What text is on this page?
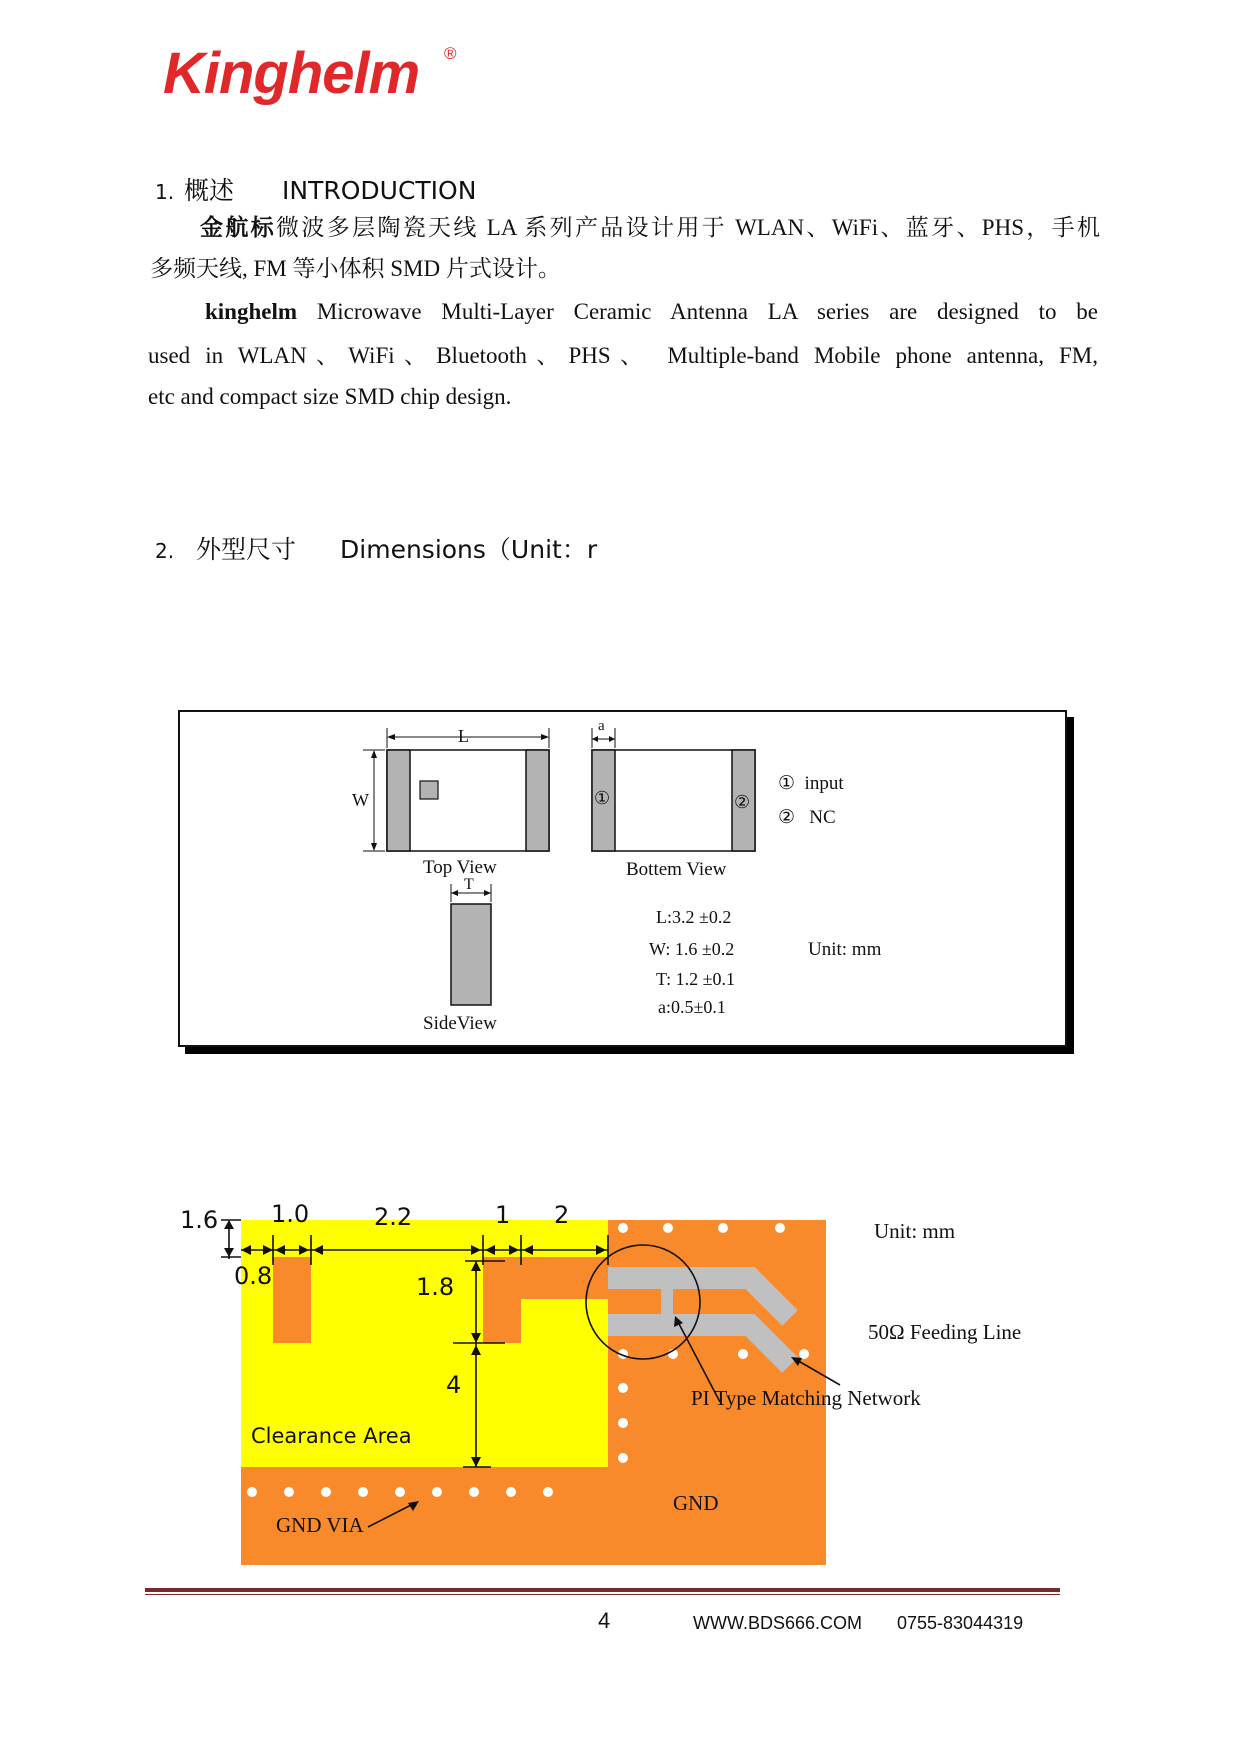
Kinghelm ®
1. 概述 INTRODUCTION
金航标微波多层陶瓷天线 LA 系列产品设计用于 WLAN、WiFi、蓝牙、PHS，手机
多频天线, FM 等小体积 SMD 片式设计。
kinghelm Microwave Multi-Layer Ceramic Antenna LA series are designed to be
used in WLAN、WiFi、Bluetooth、PHS、 Multiple-band Mobile phone antenna, FM,
etc and compact size SMD chip design.
2. 外型尺寸 Dimensions（Unit：r
L
W
a
T
①	②
Top View	Bottem View
SideView
① input
② NC
L:3.2 ±0.2
W: 1.6 ±0.2
T: 1.2 ±0.1
a:0.5±0.1
Unit: mm
1.6 1.0	2.2	1 2
0.8	1.8
4
Clearance Area
GND VIA
GND
Unit: mm
50Ω Feeding Line
PI Type Matching Network
4	WWW.BDS666.COM 0755-83044319
